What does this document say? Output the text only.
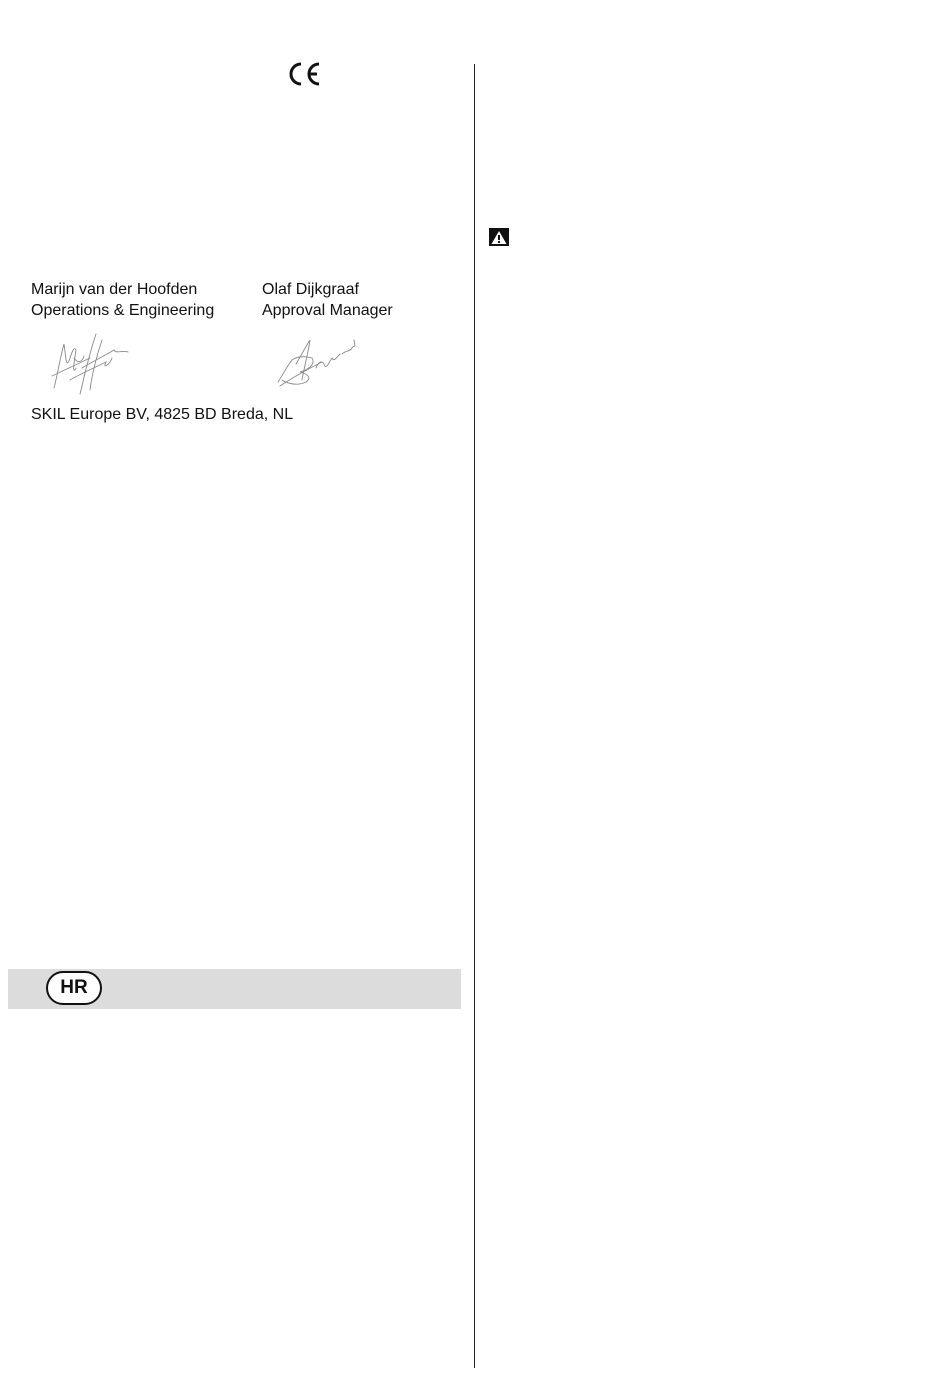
Marijn van der Hoofden
Operations & Engineering
Olaf Dijkgraaf
Approval Manager
SKIL Europe BV, 4825 BD Breda, NL
HR
